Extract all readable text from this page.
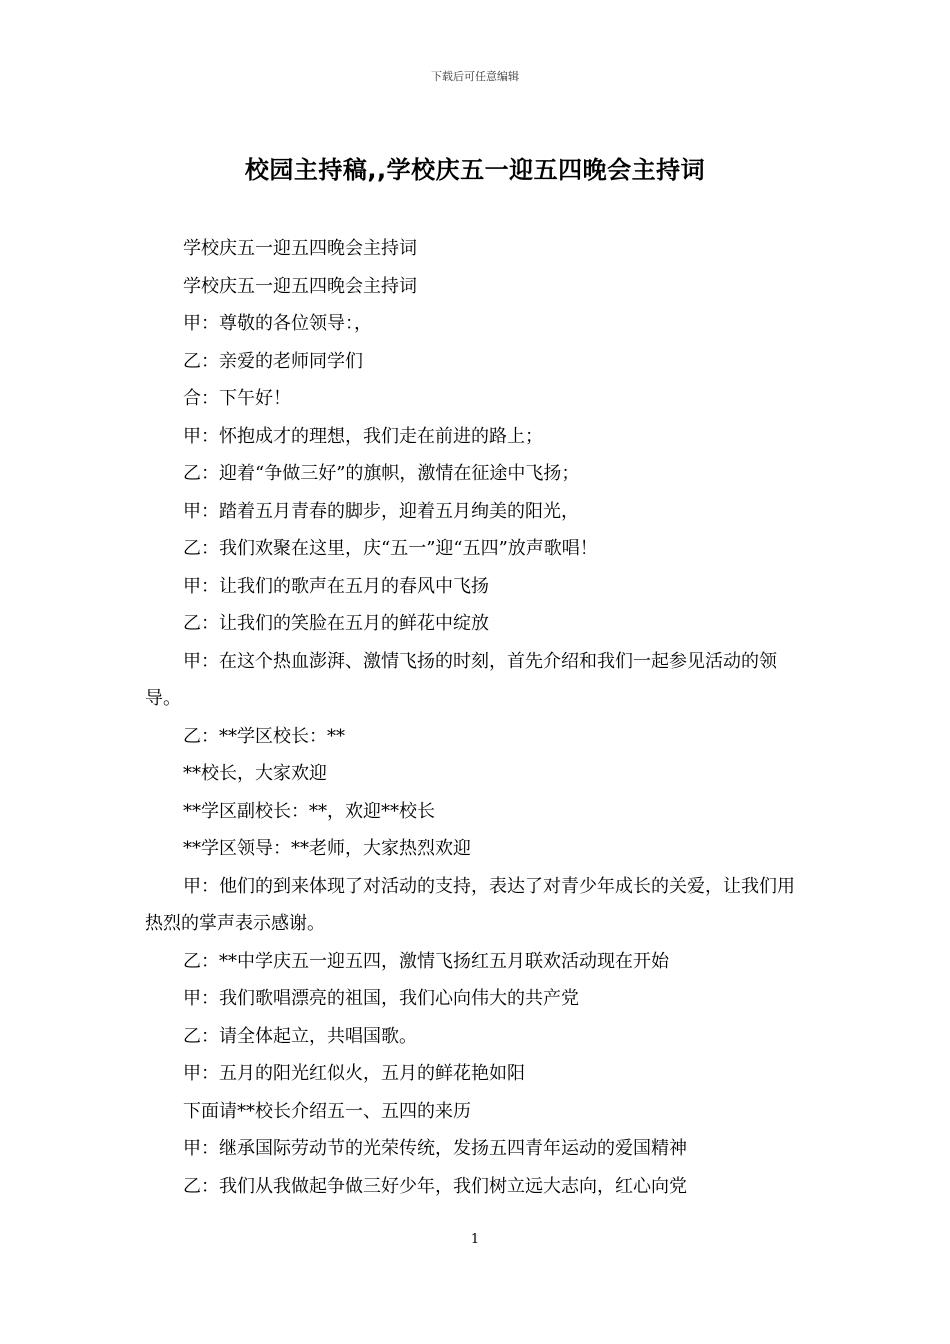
下载后可任意编辑
校园主持稿,,学校庆五一迎五四晚会主持词

学校庆五一迎五四晚会主持词

学校庆五一迎五四晚会主持词

甲：尊敬的各位领导：，

乙：亲爱的老师同学们

合：下午好！

甲：怀抱成才的理想，我们走在前进的路上；

乙：迎着“争做三好”的旗帜，激情在征途中飞扬；

甲：踏着五月青春的脚步，迎着五月绚美的阳光，

乙：我们欢聚在这里，庆“五一”迎“五四”放声歌唱！

甲：让我们的歌声在五月的春风中飞扬

乙：让我们的笑脸在五月的鲜花中绽放

甲：在这个热血澎湃、激情飞扬的时刻，首先介绍和我们一起参见活动的领导。

乙：**学区校长：**

**校长，大家欢迎

**学区副校长：**，欢迎**校长

**学区领导：**老师，大家热烈欢迎

甲：他们的到来体现了对活动的支持，表达了对青少年成长的关爱，让我们用热烈的掌声表示感谢。

乙：**中学庆五一迎五四，激情飞扬红五月联欢活动现在开始

甲：我们歌唱漂亮的祖国，我们心向伟大的共产党

乙：请全体起立，共唱国歌。

甲：五月的阳光红似火，五月的鲜花艳如阳

下面请**校长介绍五一、五四的来历

甲：继承国际劳动节的光荣传统，发扬五四青年运动的爱国精神

乙：我们从我做起争做三好少年，我们树立远大志向，红心向党

1
